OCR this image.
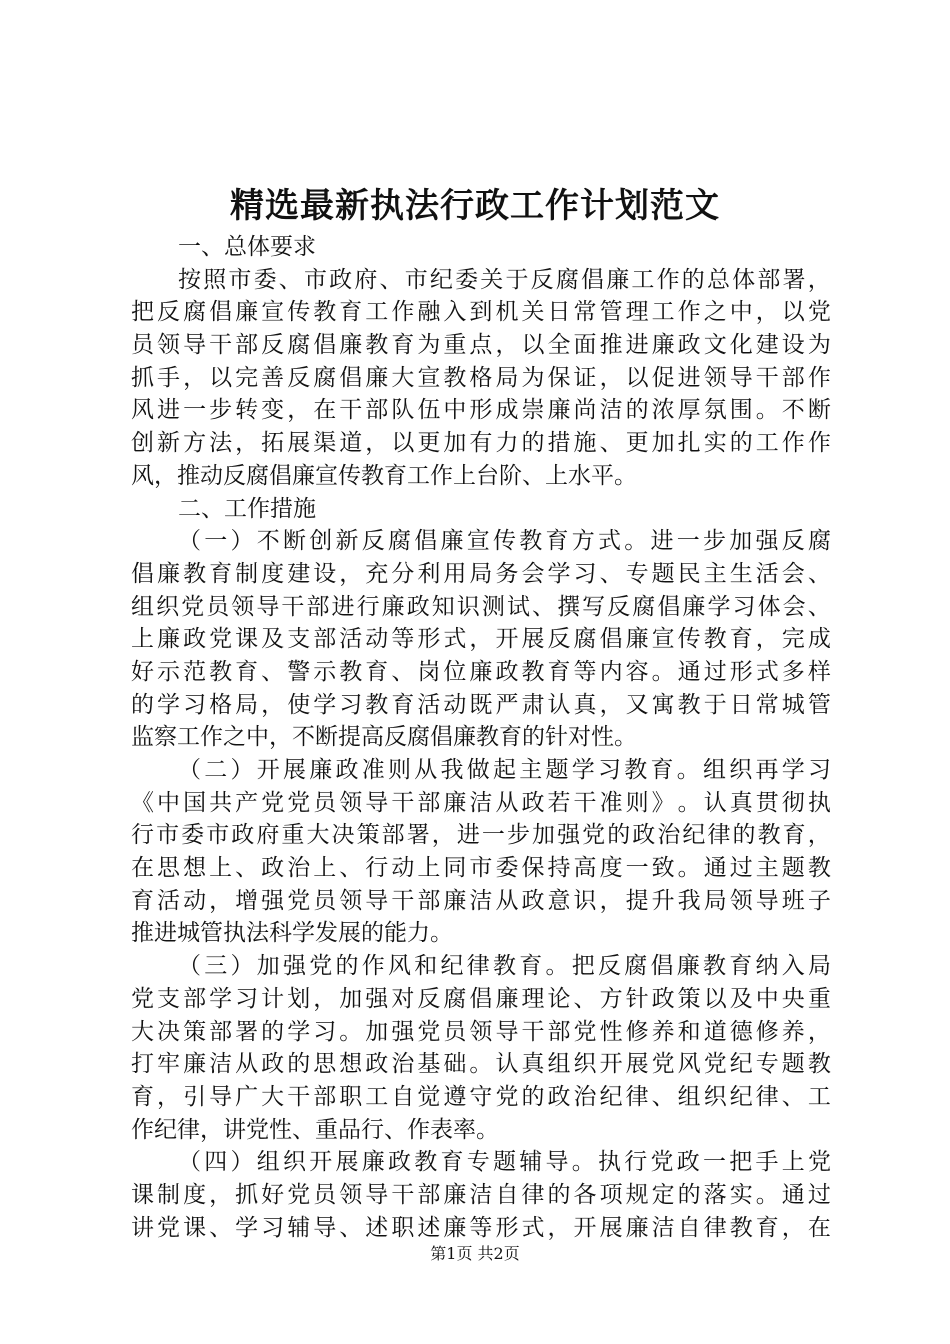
精选最新执法行政工作计划范文
一、总体要求
按 照 市 委 、 市 政 府 、 市 纪 委 关 于 反 腐 倡 廉 工 作 的 总 体 部 署 ，
把 反 腐 倡 廉 宣 传 教 育 工 作 融 入 到 机 关 日 常 管 理 工 作 之 中 ， 以 党
员 领 导 干 部 反 腐 倡 廉 教 育 为 重 点 ， 以 全 面 推 进 廉 政 文 化 建 设 为
抓 手 ， 以 完 善 反 腐 倡 廉 大 宣 教 格 局 为 保 证 ， 以 促 进 领 导 干 部 作
风 进 一 步 转 变 ， 在 干 部 队 伍 中 形 成 崇 廉 尚 洁 的 浓 厚 氛 围 。 不 断
创 新 方 法 ， 拓 展 渠 道 ， 以 更 加 有 力 的 措 施 、 更 加 扎 实 的 工 作 作
风，推动反腐倡廉宣传教育工作上台阶、上水平。
二、工作措施
（ 一 ） 不 断 创 新 反 腐 倡 廉 宣 传 教 育 方 式 。 进 一 步 加 强 反 腐
倡 廉 教 育 制 度 建 设 ， 充 分 利 用 局 务 会 学 习 、 专 题 民 主 生 活 会 、
组 织 党 员 领 导 干 部 进 行 廉 政 知 识 测 试 、 撰 写 反 腐 倡 廉 学 习 体 会 、
上 廉 政 党 课 及 支 部 活 动 等 形 式 ， 开 展 反 腐 倡 廉 宣 传 教 育 ， 完 成
好 示 范 教 育 、 警 示 教 育 、 岗 位 廉 政 教 育 等 内 容 。 通 过 形 式 多 样
的 学 习 格 局 ， 使 学 习 教 育 活 动 既 严 肃 认 真 ， 又 寓 教 于 日 常 城 管
监察工作之中，不断提高反腐倡廉教育的针对性。
（ 二 ） 开 展 廉 政 准 则 从 我 做 起 主 题 学 习 教 育 。 组 织 再 学 习
《 中 国 共 产 党 党 员 领 导 干 部 廉 洁 从 政 若 干 准 则 》 。 认 真 贯 彻 执
行 市 委 市 政 府 重 大 决 策 部 署 ， 进 一 步 加 强 党 的 政 治 纪 律 的 教 育 ，
在 思 想 上 、 政 治 上 、 行 动 上 同 市 委 保 持 高 度 一 致 。 通 过 主 题 教
育 活 动 ， 增 强 党 员 领 导 干 部 廉 洁 从 政 意 识 ， 提 升 我 局 领 导 班 子
推进城管执法科学发展的能力。
（ 三 ） 加 强 党 的 作 风 和 纪 律 教 育 。 把 反 腐 倡 廉 教 育 纳 入 局
党 支 部 学 习 计 划 ， 加 强 对 反 腐 倡 廉 理 论 、 方 针 政 策 以 及 中 央 重
大 决 策 部 署 的 学 习 。 加 强 党 员 领 导 干 部 党 性 修 养 和 道 德 修 养 ，
打 牢 廉 洁 从 政 的 思 想 政 治 基 础 。 认 真 组 织 开 展 党 风 党 纪 专 题 教
育 ， 引 导 广 大 干 部 职 工 自 觉 遵 守 党 的 政 治 纪 律 、 组 织 纪 律 、 工
作纪律，讲党性、重品行、作表率。
（ 四 ） 组 织 开 展 廉 政 教 育 专 题 辅 导 。 执 行 党 政 一 把 手 上 党
课 制 度 ， 抓 好 党 员 领 导 干 部 廉 洁 自 律 的 各 项 规 定 的 落 实 。 通 过
讲 党 课 、 学 习 辅 导 、 述 职 述 廉 等 形 式 ， 开 展 廉 洁 自 律 教 育 ， 在
第1页 共2页
